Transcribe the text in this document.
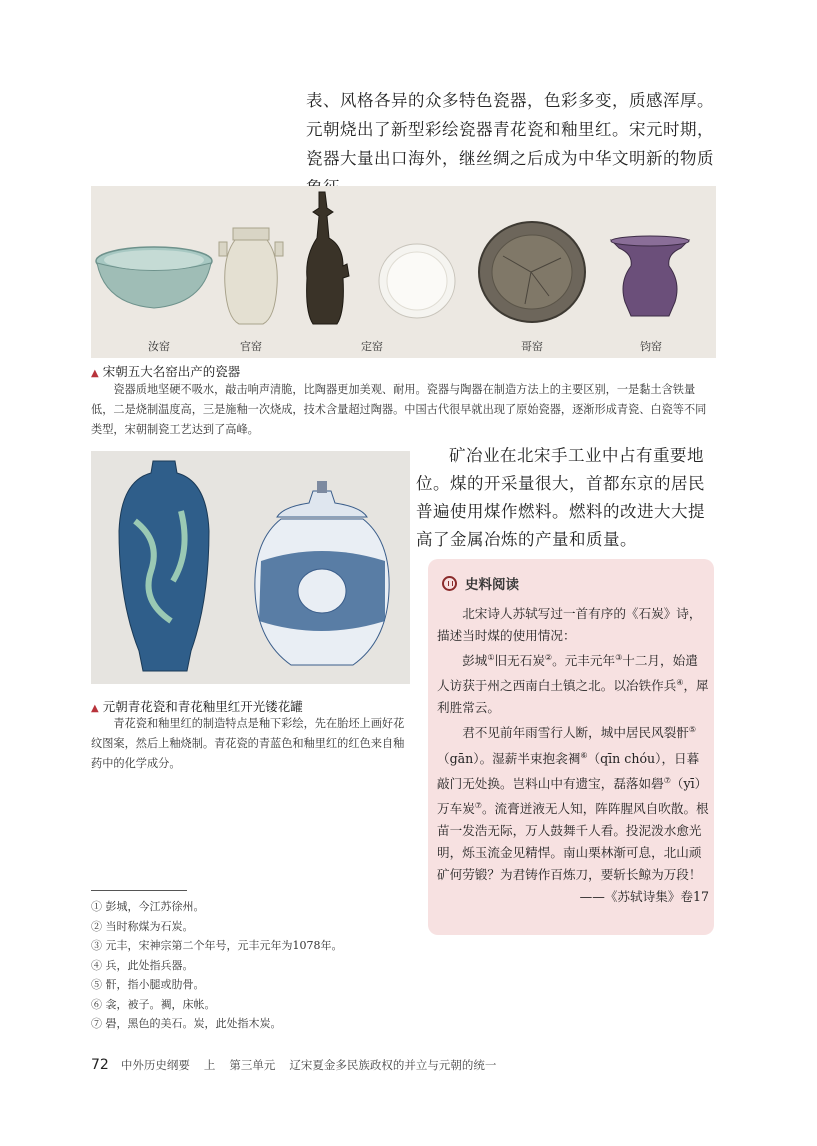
表、风格各异的众多特色瓷器，色彩多变，质感浑厚。元朝烧出了新型彩绘瓷器青花瓷和釉里红。宋元时期，瓷器大量出口海外，继丝绸之后成为中华文明新的物质
汝窑	官窑	定窑	哥窑	钧窑
▲ 宋朝五大名窑出产的瓷器
瓷器质地坚硬不吸水，敲击响声清脆，比陶器更加美观、耐用。瓷器与陶器在制造方法上的主要区别，一是黏土含铁量低，二是烧制温度高，三是施釉一次烧成，技术含量超过陶器。中国古代很早就出现了原始瓷器，逐渐形成青瓷、白瓷等不同类型，宋朝制瓷工艺达到了高峰。
矿冶业在北宋手工业中占有重要地位。煤的开采量很大，首都东京的居民普遍使用煤作燃料。燃料的改进大大提高了金属冶炼的产量和质量。
▲ 元朝青花瓷和青花釉里红开光镂花罐
青花瓷和釉里红的制造特点是釉下彩绘，先在胎坯上画好花纹图案，然后上釉烧制。青花瓷的青蓝色和釉里红的红色来自釉药中的化学成分。
史料阅读

北宋诗人苏轼写过一首有序的《石炭》诗，描述当时煤的使用情况：

彭城①旧无石炭②。元丰元年③十二月，始遣人访获于州之西南白土镇之北。以冶铁作兵④，犀利胜常云。

君不见前年雨雪行人断，城中居民风裂骭⑤（gān）。湿薪半束抱衾裯⑥（qīn chóu），日暮敲门无处换。岂料山中有遗宝，磊落如礐⑦（yī）万车炭⑦。流膏迸液无人知，阵阵腥风自吹散。根苗一发浩无际，万人鼓舞千人看。投泥泼水愈光明，烁玉流金见精悍。南山栗林渐可息，北山顽矿何劳锻？为君铸作百炼刀，要斩长鲸为万段！

——《苏轼诗集》卷17

① 彭城，今江苏徐州。
② 当时称煤为石炭。
③ 元丰，宋神宗第二个年号，元丰元年为1078年。
④ 兵，此处指兵器。
⑤ 骭，指小腿或肋骨。
⑥ 衾，被子。裯，床帐。
⑦ 礐，黑色的美石。炭，此处指木炭。
72 中外历史纲要 上 第三单元 辽宋夏金多民族政权的并立与元朝的统一
